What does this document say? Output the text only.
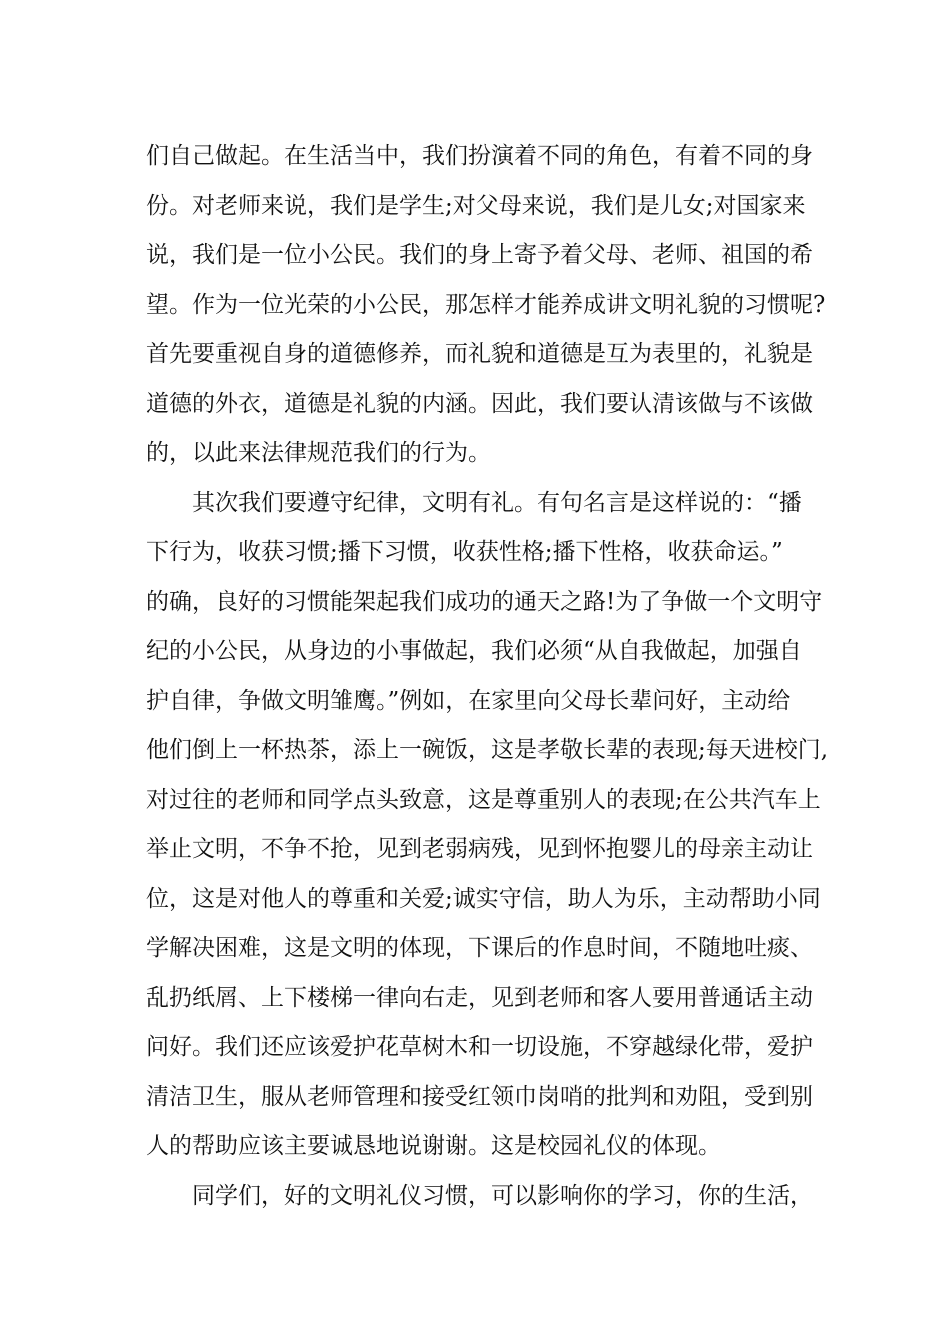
们自己做起。在生活当中，我们扮演着不同的角色，有着不同的身
份。对老师来说，我们是学生;对父母来说，我们是儿女;对国家来
说，我们是一位小公民。我们的身上寄予着父母、老师、祖国的希
望。作为一位光荣的小公民，那怎样才能养成讲文明礼貌的习惯呢?
首先要重视自身的道德修养，而礼貌和道德是互为表里的，礼貌是
道德的外衣，道德是礼貌的内涵。因此，我们要认清该做与不该做
的，以此来法律规范我们的行为。
其次我们要遵守纪律，文明有礼。有句名言是这样说的：“播
下行为，收获习惯;播下习惯，收获性格;播下性格，收获命运。”
的确，良好的习惯能架起我们成功的通天之路!为了争做一个文明守
纪的小公民，从身边的小事做起，我们必须“从自我做起，加强自
护自律，争做文明雏鹰。”例如，在家里向父母长辈问好，主动给
他们倒上一杯热茶，添上一碗饭，这是孝敬长辈的表现;每天进校门,
对过往的老师和同学点头致意，这是尊重别人的表现;在公共汽车上
举止文明，不争不抢，见到老弱病残，见到怀抱婴儿的母亲主动让
位，这是对他人的尊重和关爱;诚实守信，助人为乐，主动帮助小同
学解决困难，这是文明的体现，下课后的作息时间，不随地吐痰、
乱扔纸屑、上下楼梯一律向右走，见到老师和客人要用普通话主动
问好。我们还应该爱护花草树木和一切设施，不穿越绿化带，爱护
清洁卫生，服从老师管理和接受红领巾岗哨的批判和劝阻，受到别
人的帮助应该主要诚恳地说谢谢。这是校园礼仪的体现。
同学们，好的文明礼仪习惯，可以影响你的学习，你的生活，
